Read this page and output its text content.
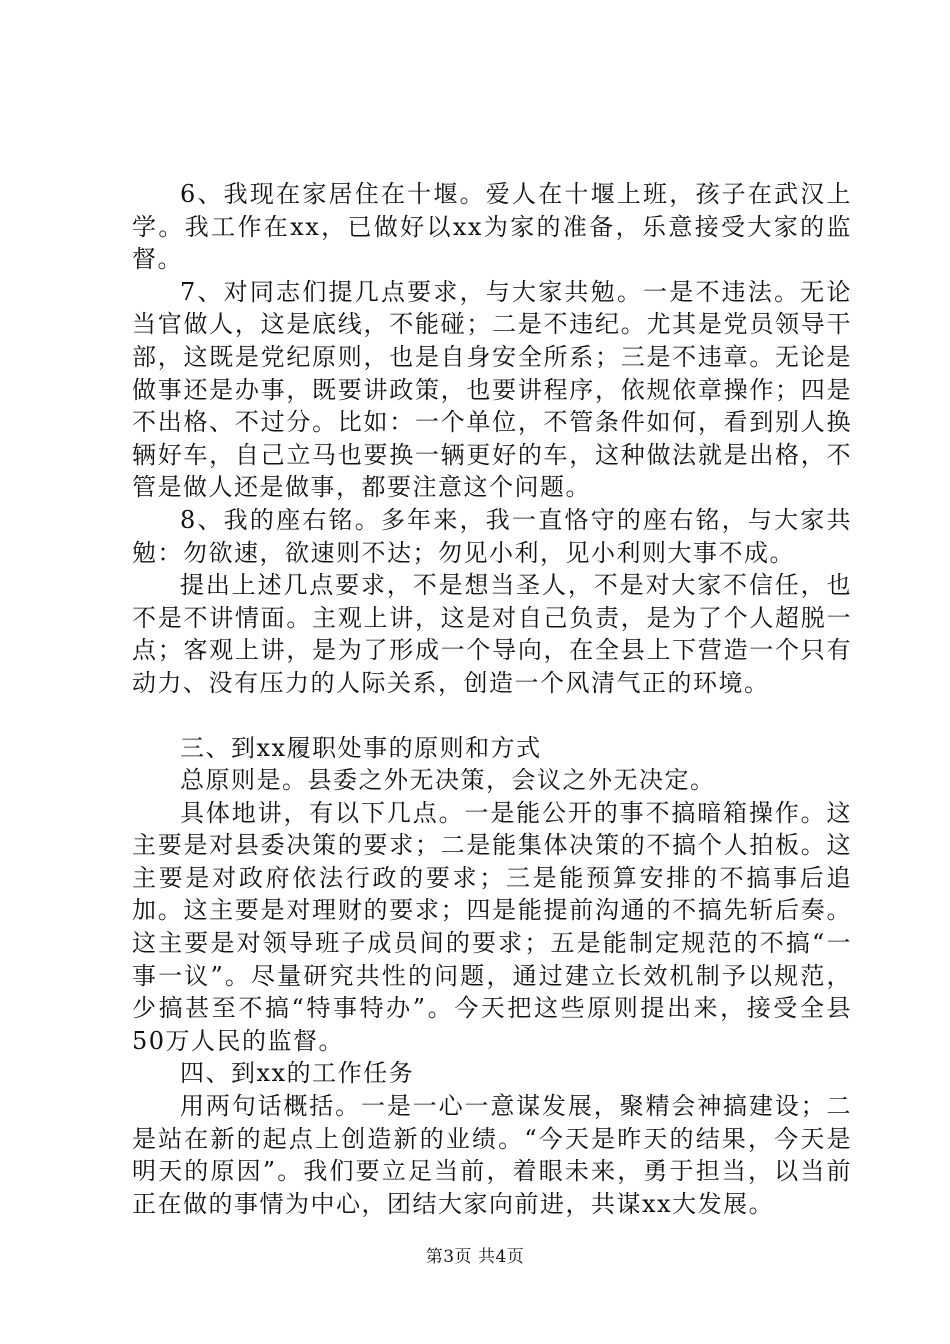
6、我现在家居住在十堰。爱人在十堰上班，孩子在武汉上学。我工作在xx，已做好以xx为家的准备，乐意接受大家的监督。

7、对同志们提几点要求，与大家共勉。一是不违法。无论当官做人，这是底线，不能碰；二是不违纪。尤其是党员领导干部，这既是党纪原则，也是自身安全所系；三是不违章。无论是做事还是办事，既要讲政策，也要讲程序，依规依章操作；四是不出格、不过分。比如：一个单位，不管条件如何，看到别人换辆好车，自己立马也要换一辆更好的车，这种做法就是出格，不管是做人还是做事，都要注意这个问题。

8、我的座右铭。多年来，我一直恪守的座右铭，与大家共勉：勿欲速，欲速则不达；勿见小利，见小利则大事不成。

提出上述几点要求，不是想当圣人，不是对大家不信任，也不是不讲情面。主观上讲，这是对自己负责，是为了个人超脱一点；客观上讲，是为了形成一个导向，在全县上下营造一个只有动力、没有压力的人际关系，创造一个风清气正的环境。

三、到xx履职处事的原则和方式

总原则是。县委之外无决策，会议之外无决定。

具体地讲，有以下几点。一是能公开的事不搞暗箱操作。这主要是对县委决策的要求；二是能集体决策的不搞个人拍板。这主要是对政府依法行政的要求；三是能预算安排的不搞事后追加。这主要是对理财的要求；四是能提前沟通的不搞先斩后奏。这主要是对领导班子成员间的要求；五是能制定规范的不搞“一事一议”。尽量研究共性的问题，通过建立长效机制予以规范，少搞甚至不搞“特事特办”。今天把这些原则提出来，接受全县50万人民的监督。

四、到xx的工作任务

用两句话概括。一是一心一意谋发展，聚精会神搞建设；二是站在新的起点上创造新的业绩。“今天是昨天的结果，今天是明天的原因”。我们要立足当前，着眼未来，勇于担当，以当前正在做的事情为中心，团结大家向前进，共谋xx大发展。

第3页 共4页
